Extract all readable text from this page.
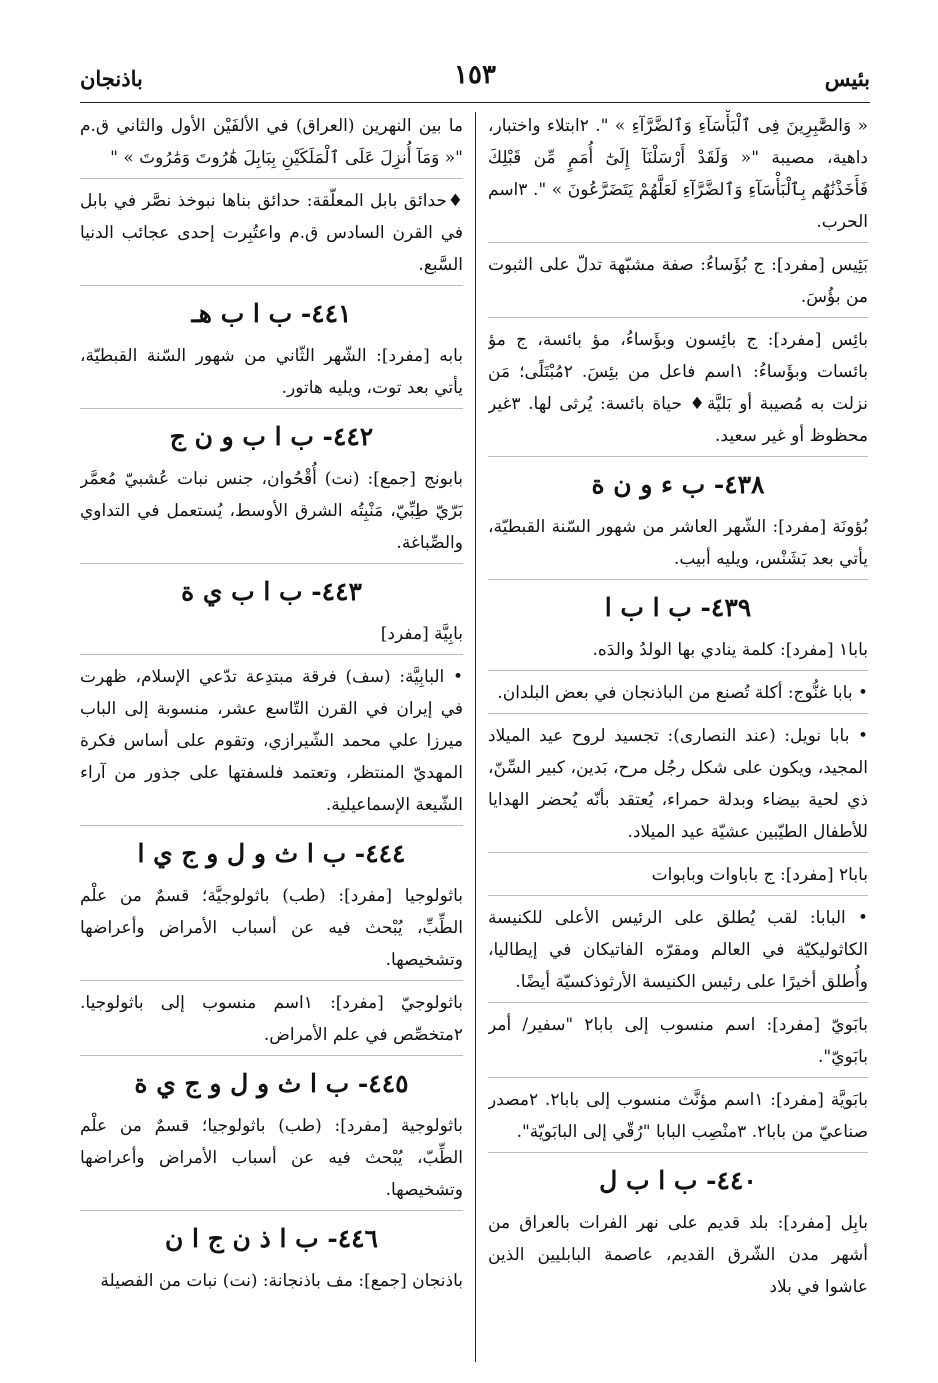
باذنجان	١٥٣	بئيس
« وَالصَّٰبِرِينَ فِى ٱلْبَأْسَآءِ وَٱلضَّرَّآءِ » ". ٢ابتلاء واختبار، داهية، مصيبة "« وَلَقَدْ أَرْسَلْنَآ إِلَىٰٓ أُمَمٍ مِّن قَبْلِكَ فَأَخَذْنَٰهُم بِٱلْبَأْسَآءِ وَٱلضَّرَّآءِ لَعَلَّهُمْ يَتَضَرَّعُونَ » ". ٣اسم الحرب.
بَئِيس [مفرد]: ج بُؤَساءُ: صفة مشبّهة تدلّ على الثبوت من بؤُسَ.
بائِس [مفرد]: ج بائِسون وبؤَساءُ، مؤ بائسة، ج مؤ بائسات وبؤَساءُ: ١اسم فاعل من بئِسَ. ٢مُبْتَلًى؛ مَن نزلت به مُصيبة أو بَليَّة♦ حياة بائسة: يُرثى لها. ٣غير محظوظ أو غير سعيد.
٤٣٨- ب ء و ن ة
بُؤونَة [مفرد]: الشّهر العاشر من شهور السّنة القبطيّة، يأتي بعد بَشَنْس، ويليه أبيب.
٤٣٩- ب ا ب ا
بابا١ [مفرد]: كلمة ينادي بها الولدُ والدَه.
• بابا غنُّوج: أكلة تُصنع من الباذنجان في بعض البلدان.
• بابا نويل: (عند النصارى): تجسيد لروح عيد الميلاد المجيد، ويكون على شكل رجُل مرح، بَدين، كبير السِّنّ، ذي لحية بيضاء وبدلة حمراء، يُعتقد بأنّه يُحضر الهدايا للأطفال الطيّبين عشيّة عيد الميلاد.
بابا٢ [مفرد]: ج باباوات وبابوات
• البابا: لقب يُطلق على الرئيس الأعلى للكنيسة الكاثوليكيّة في العالم ومقرّه الفاتيكان في إيطاليا، وأُطلق أخيرًا على رئيس الكنيسة الأرثوذكسيّة أيضًا.
بابَويّ [مفرد]: اسم منسوب إلى بابا٢ "سفير/ أمر بابَويّ".
بابَويَّة [مفرد]: ١اسم مؤنَّث منسوب إلى بابا٢. ٢مصدر صناعيّ من بابا٢. ٣منْصِب البابا "رُقّي إلى البابَويّة".
٤٤٠- ب ا ب ل
بابِل [مفرد]: بلد قديم على نهر الفرات بالعراق من أشهر مدن الشّرق القديم، عاصمة البابليين الذين عاشوا في بلاد
ما بين النهرين (العراق) في الألفَيْن الأول والثاني ق.م "« وَمَآ أُنزِلَ عَلَى ٱلْمَلَكَيْنِ بِبَابِلَ هَٰرُوتَ وَمَٰرُوتَ » "
♦حدائق بابل المعلّقة: حدائق بناها نبوخذ نصَّر في بابل في القرن السادس ق.م واعتُبِرت إحدى عجائب الدنيا السَّبع.
٤٤١- ب ا ب هـ
بابه [مفرد]: الشّهر الثّاني من شهور السّنة القبطيّة، يأتي بعد توت، ويليه هاتور.
٤٤٢- ب ا ب و ن ج
بابونج [جمع]: (نت) أُقْحُوان، جنس نبات عُشبيّ مُعمَّر بَرّيّ طِبِّيّ، مَنْبِتُه الشرق الأوسط، يُستعمل في التداوي والصِّباغة.
٤٤٣- ب ا ب ي ة
بابِيَّة [مفرد]
• البابِيَّة: (سف) فرقة مبتدِعة تدّعي الإسلام، ظهرت في إيران في القرن التّاسع عشر، منسوبة إلى الباب ميرزا علي محمد الشّيرازي، وتقوم على أساس فكرة المهديّ المنتظر، وتعتمد فلسفتها على جذور من آراء الشّيعة الإسماعيلية.
٤٤٤- ب ا ث و ل و ج ي ا
باثولوجيا [مفرد]: (طب) باثولوجيَّة؛ قسمٌ من علْم الطِّبِّ، يُبْحث فيه عن أسباب الأمراض وأعراضها وتشخيصها.
باثولوجيّ [مفرد]: ١اسم منسوب إلى باثولوجيا. ٢متخصِّص في علم الأمراض.
٤٤٥- ب ا ث و ل و ج ي ة
باثولوجية [مفرد]: (طب) باثولوجيا؛ قسمٌ من علْم الطِّبّ، يُبْحث فيه عن أسباب الأمراض وأعراضها وتشخيصها.
٤٤٦- ب ا ذ ن ج ا ن
باذنجان [جمع]: مف باذنجانة: (نت) نبات من الفصيلة
